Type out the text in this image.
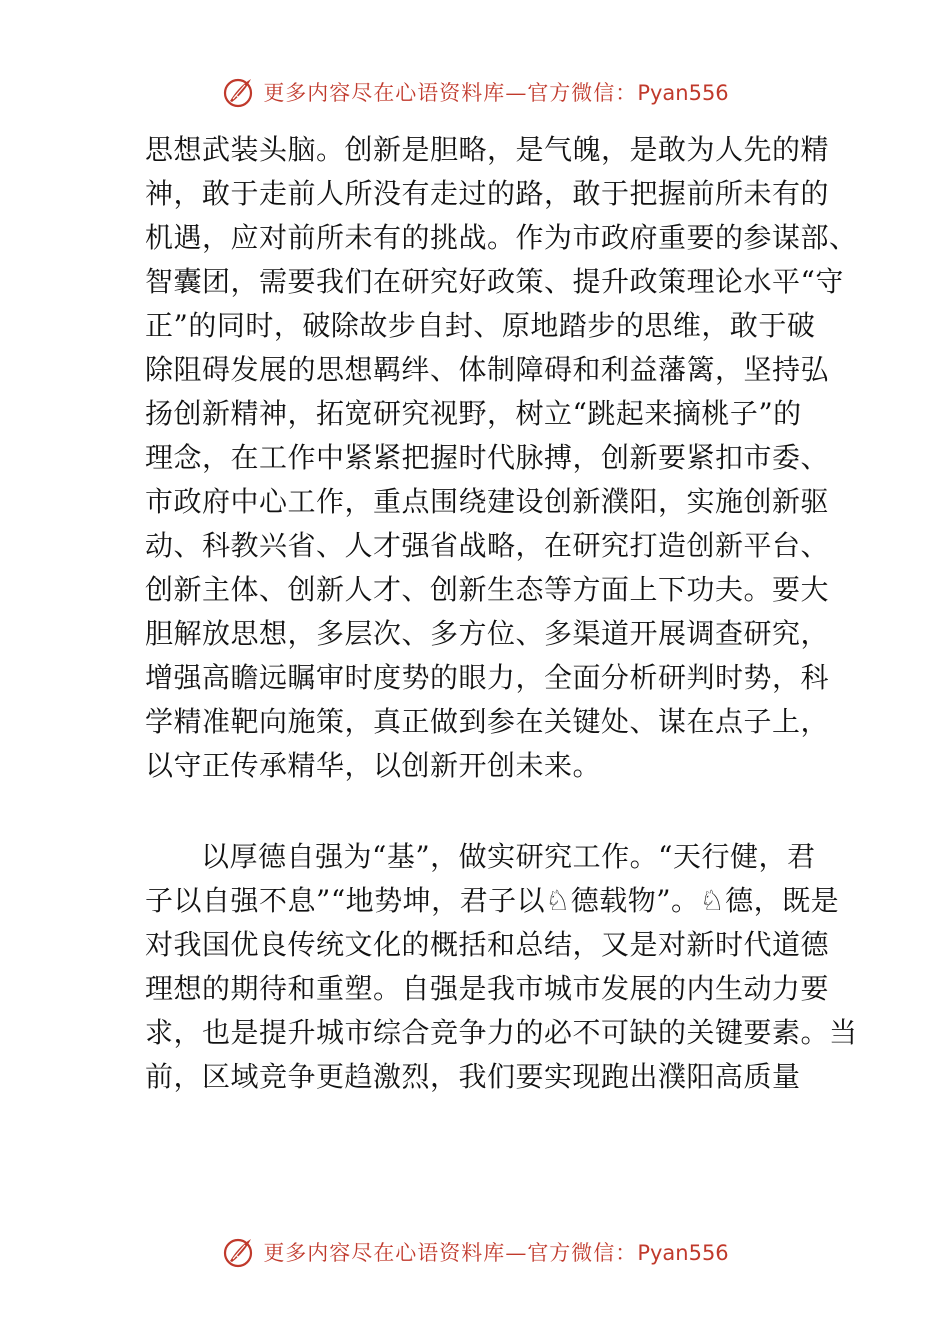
更多内容尽在心语资料库—官方微信：Pyan556
思想武装头脑。创新是胆略，是气魄，是敢为人先的精
神，敢于走前人所没有走过的路，敢于把握前所未有的
机遇，应对前所未有的挑战。作为市政府重要的参谋部、
智囊团，需要我们在研究好政策、提升政策理论水平“守
正”的同时，破除故步自封、原地踏步的思维，敢于破
除阻碍发展的思想羁绊、体制障碍和利益藩篱，坚持弘
扬创新精神，拓宽研究视野，树立“跳起来摘桃子”的
理念，在工作中紧紧把握时代脉搏，创新要紧扣市委、
市政府中心工作，重点围绕建设创新濮阳，实施创新驱
动、科教兴省、人才强省战略，在研究打造创新平台、
创新主体、创新人才、创新生态等方面上下功夫。要大
胆解放思想，多层次、多方位、多渠道开展调查研究，
增强高瞻远瞩审时度势的眼力，全面分析研判时势，科
学精准靶向施策，真正做到参在关键处、谋在点子上，
以守正传承精华，以创新开创未来。
以厚德自强为“基”，做实研究工作。“天行健，君
子以自强不息”“地势坤，君子以♘德载物”。♘德，既是
对我国优良传统文化的概括和总结，又是对新时代道德
理想的期待和重塑。自强是我市城市发展的内生动力要
求，也是提升城市综合竞争力的必不可缺的关键要素。当
前，区域竞争更趋激烈，我们要实现跑出濮阳高质量
更多内容尽在心语资料库—官方微信：Pyan556
